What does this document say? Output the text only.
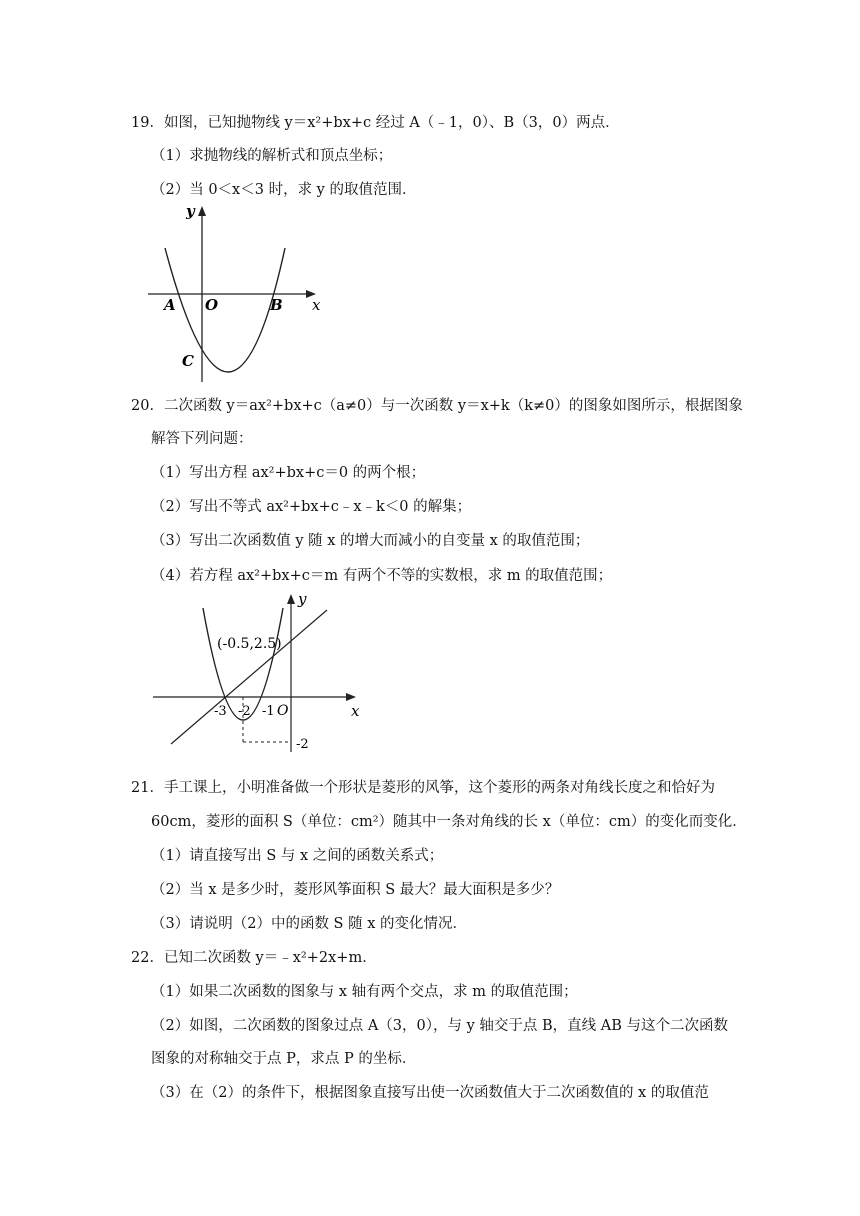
19．如图，已知抛物线 y＝x²+bx+c 经过 A（﹣1，0）、B（3，0）两点．
（1）求抛物线的解析式和顶点坐标；
（2）当 0＜x＜3 时，求 y 的取值范围．
y
x
A O	B
C
20．二次函数 y＝ax²+bx+c（a≠0）与一次函数 y＝x+k（k≠0）的图象如图所示，根据图象
解答下列问题：
（1）写出方程 ax²+bx+c＝0 的两个根；
（2）写出不等式 ax²+bx+c﹣x﹣k＜0 的解集；
（3）写出二次函数值 y 随 x 的增大而减小的自变量 x 的取值范围；
（4）若方程 ax²+bx+c＝m 有两个不等的实数根，求 m 的取值范围；
y
x
(-0.5,2.5)
-3 -2 -1 O
-2
21．手工课上，小明准备做一个形状是菱形的风筝，这个菱形的两条对角线长度之和恰好为
60cm，菱形的面积 S（单位：cm²）随其中一条对角线的长 x（单位：cm）的变化而变化．
（1）请直接写出 S 与 x 之间的函数关系式；
（2）当 x 是多少时，菱形风筝面积 S 最大？最大面积是多少？
（3）请说明（2）中的函数 S 随 x 的变化情况．
22．已知二次函数 y＝﹣x²+2x+m．
（1）如果二次函数的图象与 x 轴有两个交点，求 m 的取值范围；
（2）如图，二次函数的图象过点 A（3，0），与 y 轴交于点 B，直线 AB 与这个二次函数
图象的对称轴交于点 P，求点 P 的坐标．
（3）在（2）的条件下，根据图象直接写出使一次函数值大于二次函数值的 x 的取值范
